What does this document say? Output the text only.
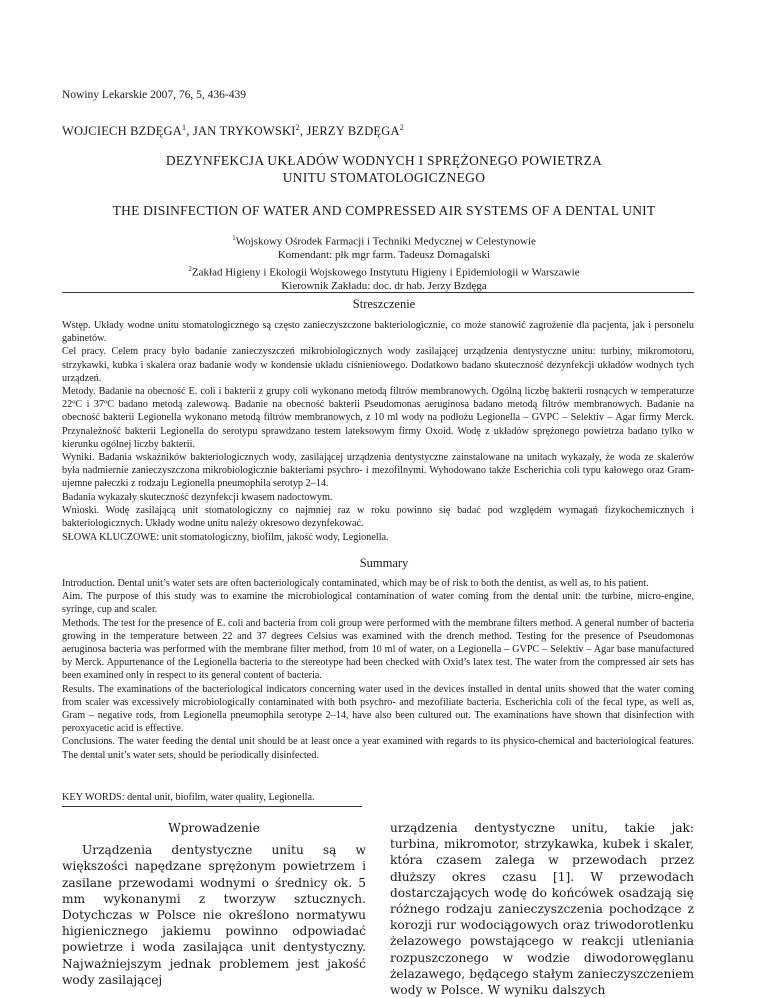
Nowiny Lekarskie 2007, 76, 5, 436-439
WOJCIECH BZDĘGA$^1$, JAN TRYKOWSKI$^2$, JERZY BZDĘGA$^2$
DEZYNFEKCJA UKŁADÓW WODNYCH I SPRĘŻONEGO POWIETRZA
UNITU STOMATOLOGICZNEGO
THE DISINFECTION OF WATER AND COMPRESSED AIR SYSTEMS OF A DENTAL UNIT
$^1$Wojskowy Ośrodek Farmacji i Techniki Medycznej w Celestynowie
Komendant: płk mgr farm. Tadeusz Domagalski
$^2$Zakład Higieny i Ekologii Wojskowego Instytutu Higieny i Epidemiologii w Warszawie
Kierownik Zakładu: doc. dr hab. Jerzy Bzdęga
Streszczenie

Wstęp. Układy wodne unitu stomatologicznego są często zanieczyszczone bakteriologicznie, co może stanowić zagrożenie dla pacjenta, jak i personelu gabinetów.

Cel pracy. Celem pracy było badanie zanieczyszczeń mikrobiologicznych wody zasilającej urządzenia dentystyczne unitu: turbiny, mikromotoru, strzykawki, kubka i skalera oraz badanie wody w kondensie układu ciśnieniowego. Dodatkowo badano skuteczność dezynfekcji układów wodnych tych urządzeń.

Metody. Badanie na obecność E. coli i bakterii z grupy coli wykonano metodą filtrów membranowych. Ogólną liczbę bakterii rosnących w temperaturze 22ºC i 37ºC badano metodą zalewową. Badanie na obecność bakterii Pseudomonas aeruginosa badano metodą filtrów membranowych. Badanie na obecność bakterii Legionella wykonano metodą filtrów membranowych, z 10 ml wody na podłożu Legionella – GVPC – Selektiv – Agar firmy Merck. Przynależność bakterii Legionella do serotypu sprawdzano testem lateksowym firmy Oxoid. Wodę z układów sprężonego powietrza badano tylko w kierunku ogólnej liczby bakterii.

Wyniki. Badania wskaźników bakteriologicznych wody, zasilającej urządzenia dentystyczne zainstalowane na unitach wykazały, że woda ze skalerów była nadmiernie zanieczyszczona mikrobiologicznie bakteriami psychro- i mezofilnymi. Wyhodowano także Escherichia coli typu kałowego oraz Gram-ujemne pałeczki z rodzaju Legionella pneumophila serotyp 2–14.

Badania wykazały skuteczność dezynfekcji kwasem nadoctowym.

Wnioski. Wodę zasilającą unit stomatologiczny co najmniej raz w roku powinno się badać pod względem wymagań fizykochemicznych i bakteriologicznych. Układy wodne unitu należy okresowo dezynfekować.

SŁOWA KLUCZOWE: unit stomatologiczny, biofilm, jakość wody, Legionella.
Summary

Introduction. Dental unit’s water sets are often bacteriologicaly contaminated, which may be of risk to both the dentist, as well as, to his patient.

Aim. The purpose of this study was to examine the microbiological contamination of water coming from the dental unit: the turbine, micro-engine, syringe, cup and scaler.

Methods. The test for the presence of E. coli and bacteria from coli group were performed with the membrane filters method. A general number of bacteria growing in the temperature between 22 and 37 degrees Celsius was examined with the drench method. Testing for the presence of Pseudomonas aeruginosa bacteria was performed with the membrane filter method, from 10 ml of water, on a Legionella – GVPC – Selektiv – Agar base manufactured by Merck. Appurtenance of the Legionella bacteria to the stereotype had been checked with Oxid’s latex test. The water from the compressed air sets has been examined only in respect to its general content of bacteria.

Results. The examinations of the bacteriological indicators concerning water used in the devices installed in dental units showed that the water coming from scaler was excessively microbiologically contaminated with both psychro- and mezofiliate bacteria. Escherichia coli of the fecal type, as well as, Gram – negative rods, from Legionella pneumophila serotype 2–14, have also been cultured out. The examinations have shown that disinfection with peroxyacetic acid is effective.

Conclusions. The water feeding the dental unit should be at least once a year examined with regards to its physico-chemical and bacteriological features. The dental unit’s water sets, should be periodically disinfected.

KEY WORDS: dental unit, biofilm, water quality, Legionella.
Wprowadzenie

Urządzenia dentystyczne unitu są w większości napędzane sprężonym powietrzem i zasilane przewodami wodnymi o średnicy ok. 5 mm wykonanymi z tworzyw sztucznych. Dotychczas w Polsce nie określono normatywu higienicznego jakiemu powinno odpowiadać powietrze i woda zasilająca unit dentystyczny. Najważniejszym jednak problemem jest jakość wody zasilającej

urządzenia dentystyczne unitu, takie jak: turbina, mikromotor, strzykawka, kubek i skaler, która czasem zalega w przewodach przez dłuższy okres czasu [1]. W przewodach dostarczających wodę do końcówek osadzają się różnego rodzaju zanieczyszczenia pochodzące z korozji rur wodociągowych oraz triwodorotlenku żelazowego powstającego w reakcji utleniania rozpuszczonego w wodzie diwodorowęglanu żelazawego, będącego stałym zanieczyszczeniem wody w Polsce. W wyniku dalszych
